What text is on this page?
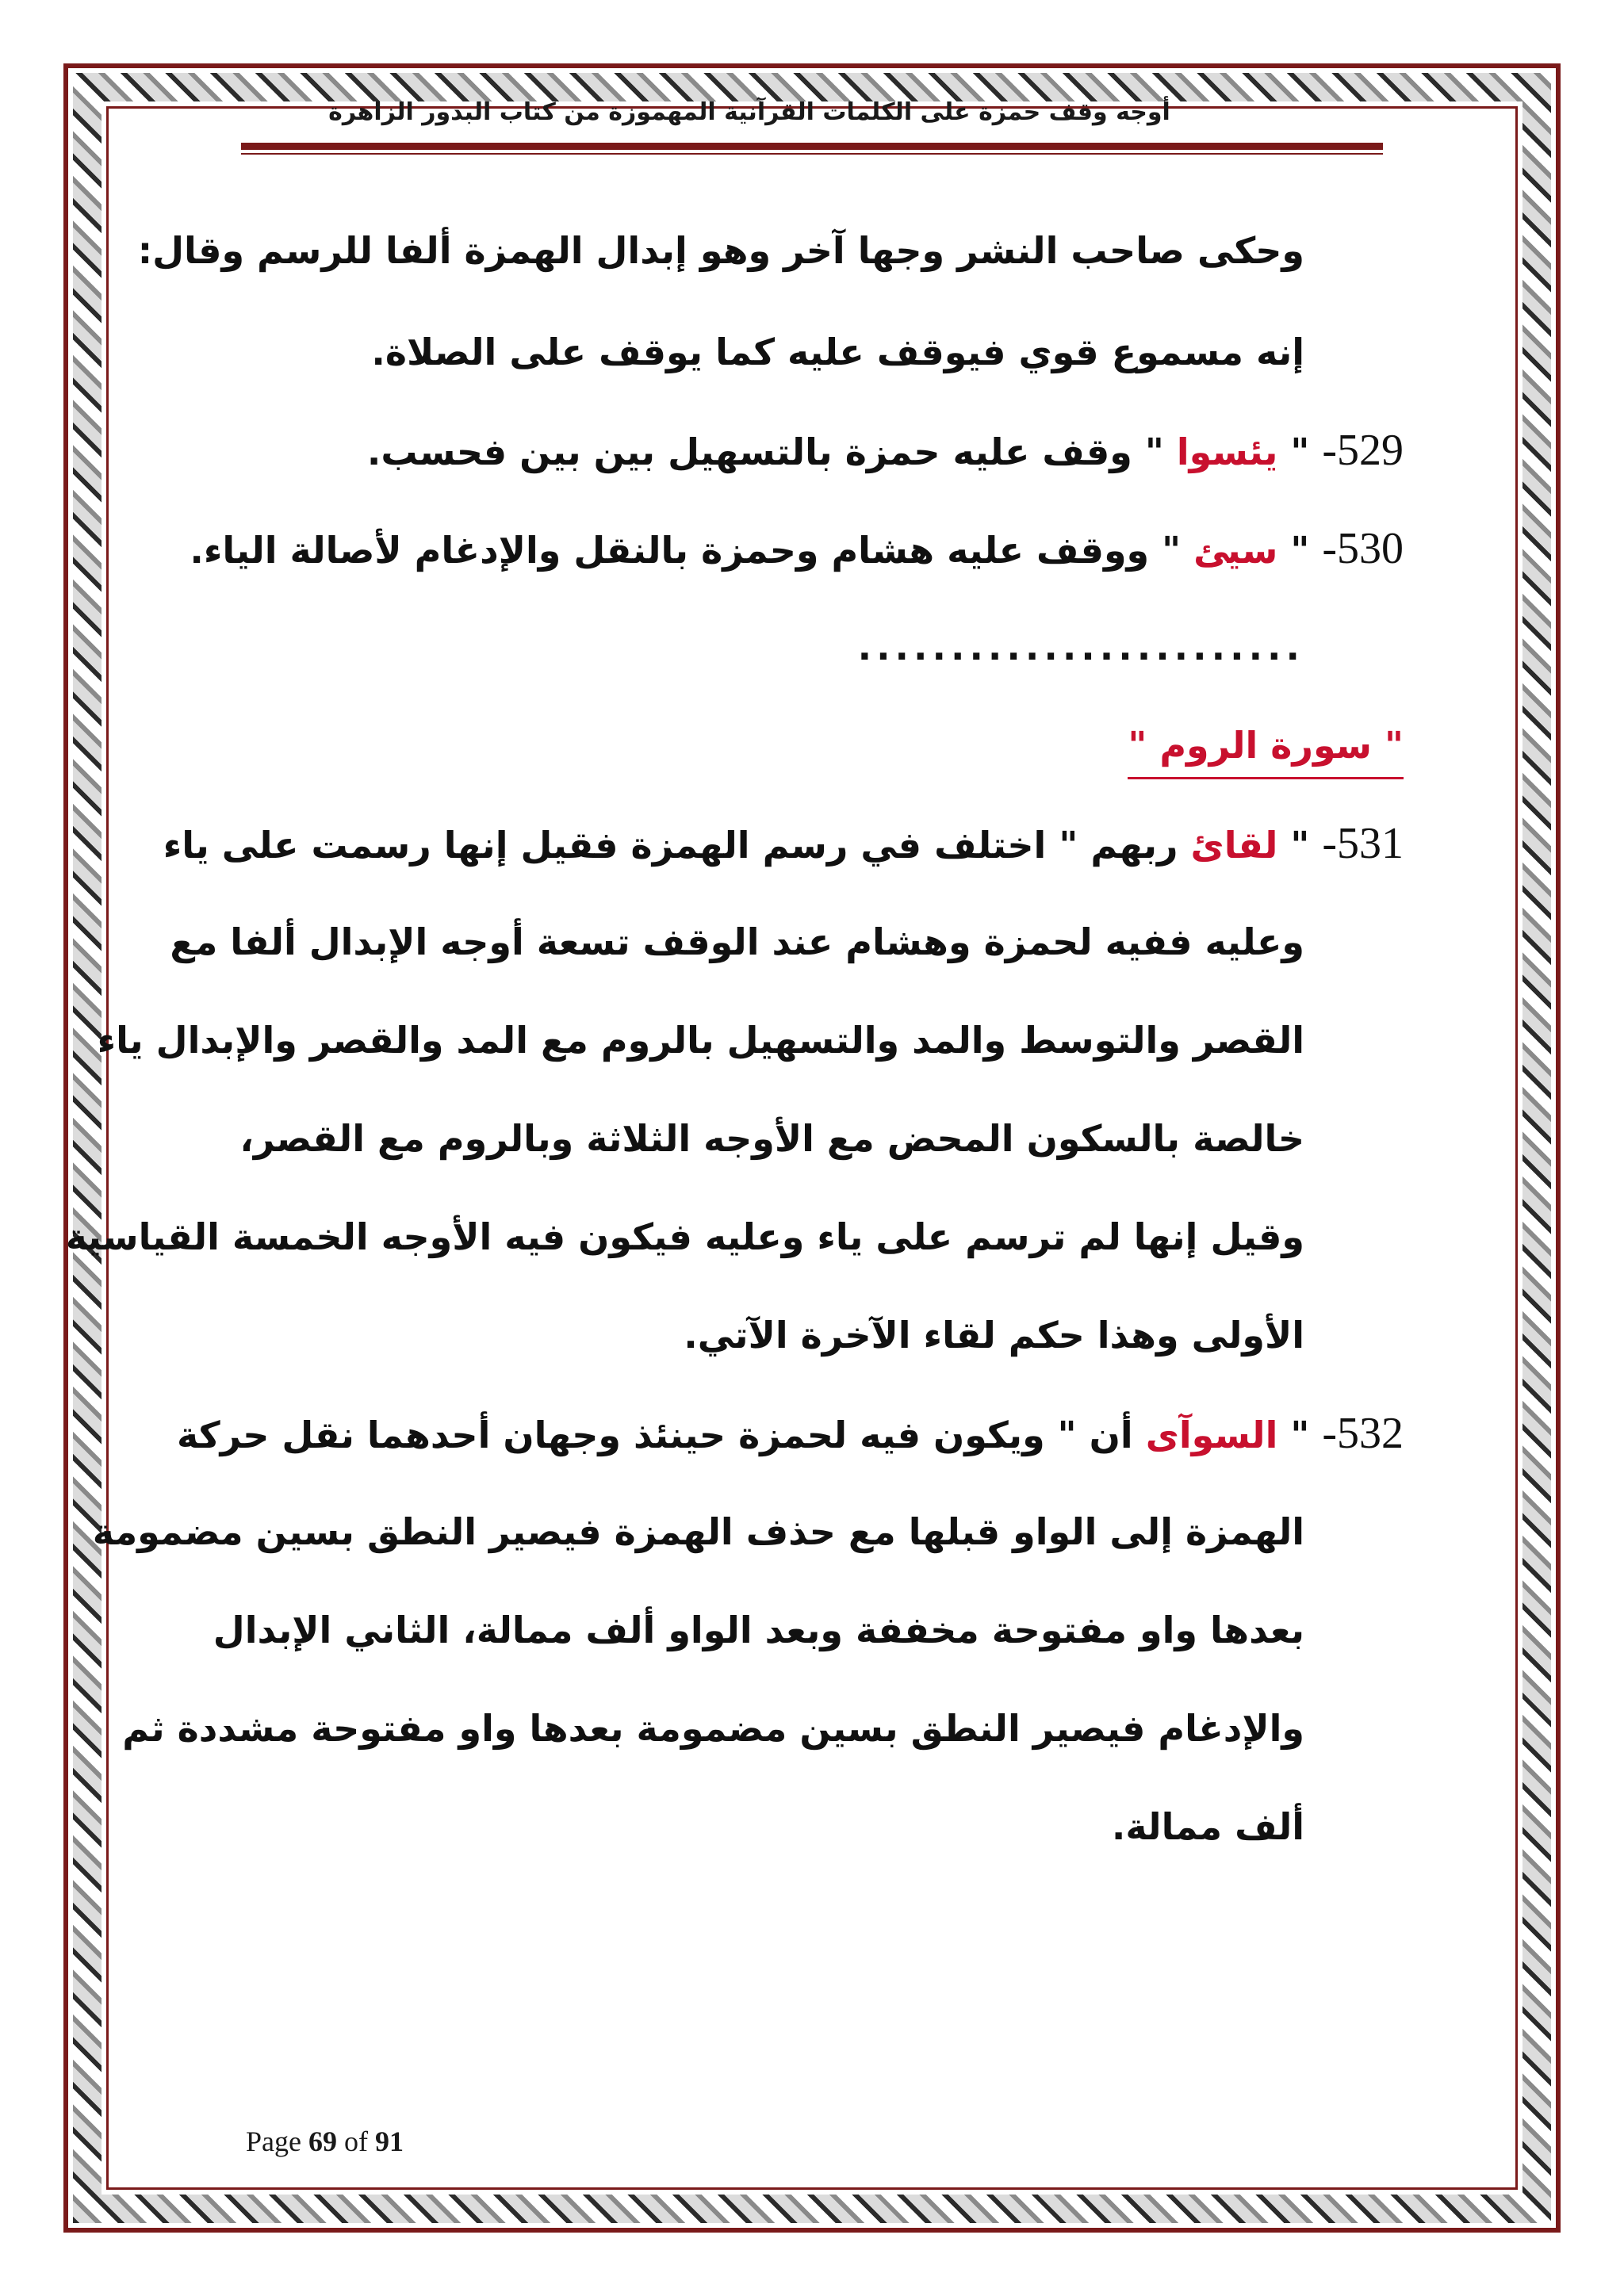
أوجه وقف حمزة على الكلمات القرآنية المهموزة من كتاب البدور الزاهرة
وحكى صاحب النشر وجها آخر وهو إبدال الهمزة ألفا للرسم وقال:
إنه مسموع قوي فيوقف عليه كما يوقف على الصلاة.
529- " يئسوا " وقف عليه حمزة بالتسهيل بين بين فحسب.
530- " سيئ " ووقف عليه هشام وحمزة بالنقل والإدغام لأصالة الياء.
........................
" سورة الروم "
531- " لقائ ربهم " اختلف في رسم الهمزة فقيل إنها رسمت على ياء
وعليه ففيه لحمزة وهشام عند الوقف تسعة أوجه الإبدال ألفا مع
القصر والتوسط والمد والتسهيل بالروم مع المد والقصر والإبدال ياء
خالصة بالسكون المحض مع الأوجه الثلاثة وبالروم مع القصر،
وقيل إنها لم ترسم على ياء وعليه فيكون فيه الأوجه الخمسة القياسية
الأولى وهذا حكم لقاء الآخرة الآتي.
532- " السوآى أن " ويكون فيه لحمزة حينئذ وجهان أحدهما نقل حركة
الهمزة إلى الواو قبلها مع حذف الهمزة فيصير النطق بسين مضمومة
بعدها واو مفتوحة مخففة وبعد الواو ألف ممالة، الثاني الإبدال
والإدغام فيصير النطق بسين مضمومة بعدها واو مفتوحة مشددة ثم
ألف ممالة.
Page 69 of 91
